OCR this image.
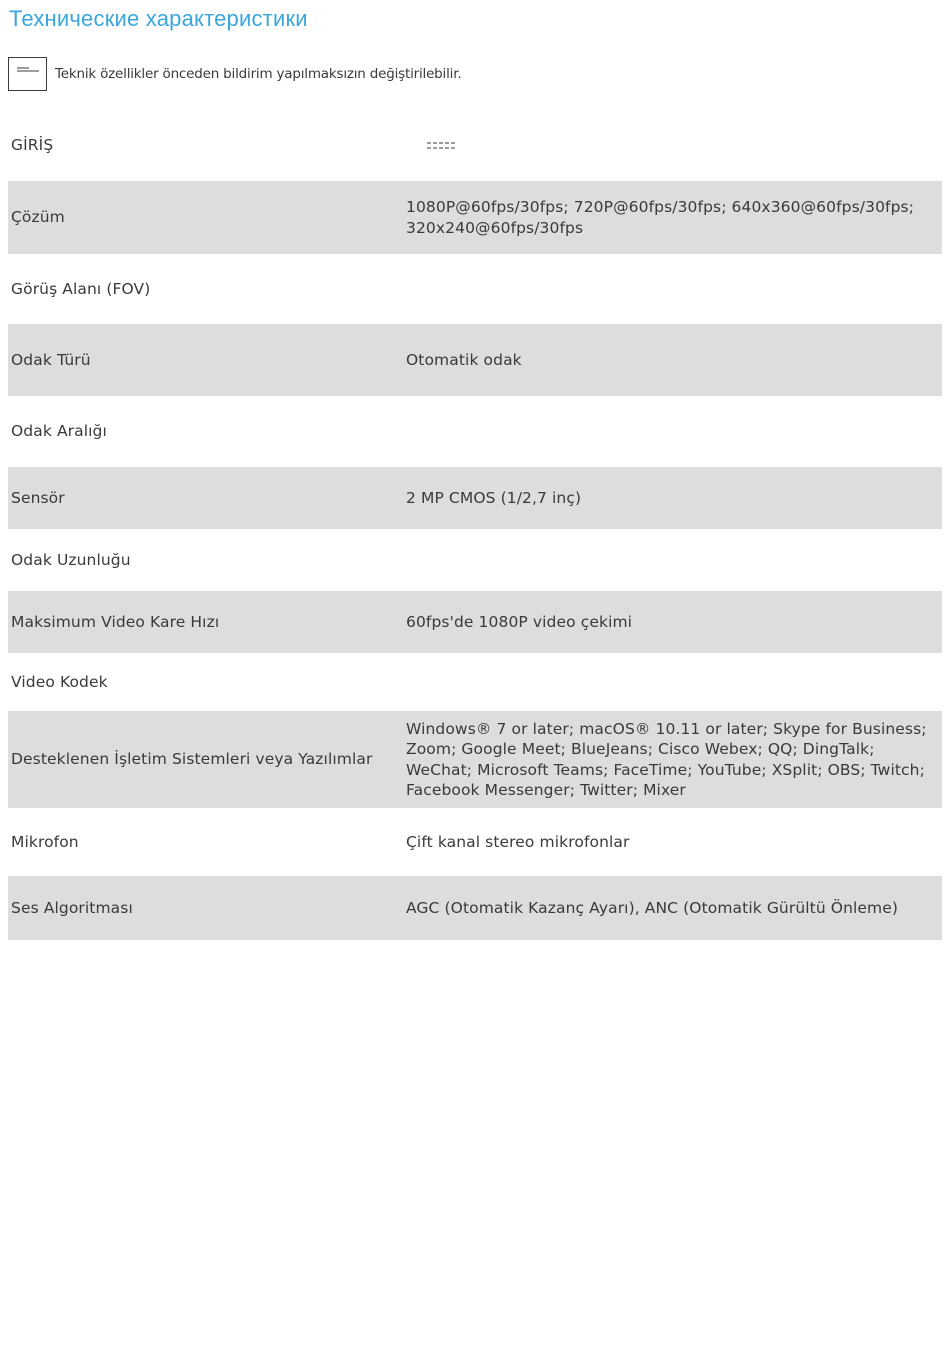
Технические характеристики
Teknik özellikler önceden bildirim yapılmaksızın değiştirilebilir.
GİRİŞ	
Çözüm	1080P@60fps/30fps; 720P@60fps/30fps; 640x360@60fps/30fps; 320x240@60fps/30fps
Görüş Alanı (FOV)	
Odak Türü	Otomatik odak
Odak Aralığı	
Sensör	2 MP CMOS (1/2,7 inç)
Odak Uzunluğu	
Maksimum Video Kare Hızı	60fps'de 1080P video çekimi
Video Kodek	
Desteklenen İşletim Sistemleri veya Yazılımlar	Windows® 7 or later; macOS® 10.11 or later; Skype for Business; Zoom; Google Meet; BlueJeans; Cisco Webex; QQ; DingTalk; WeChat; Microsoft Teams; FaceTime; YouTube; XSplit; OBS; Twitch; Facebook Messenger; Twitter; Mixer
Mikrofon	Çift kanal stereo mikrofonlar
Ses Algoritması	AGC (Otomatik Kazanç Ayarı), ANC (Otomatik Gürültü Önleme)
